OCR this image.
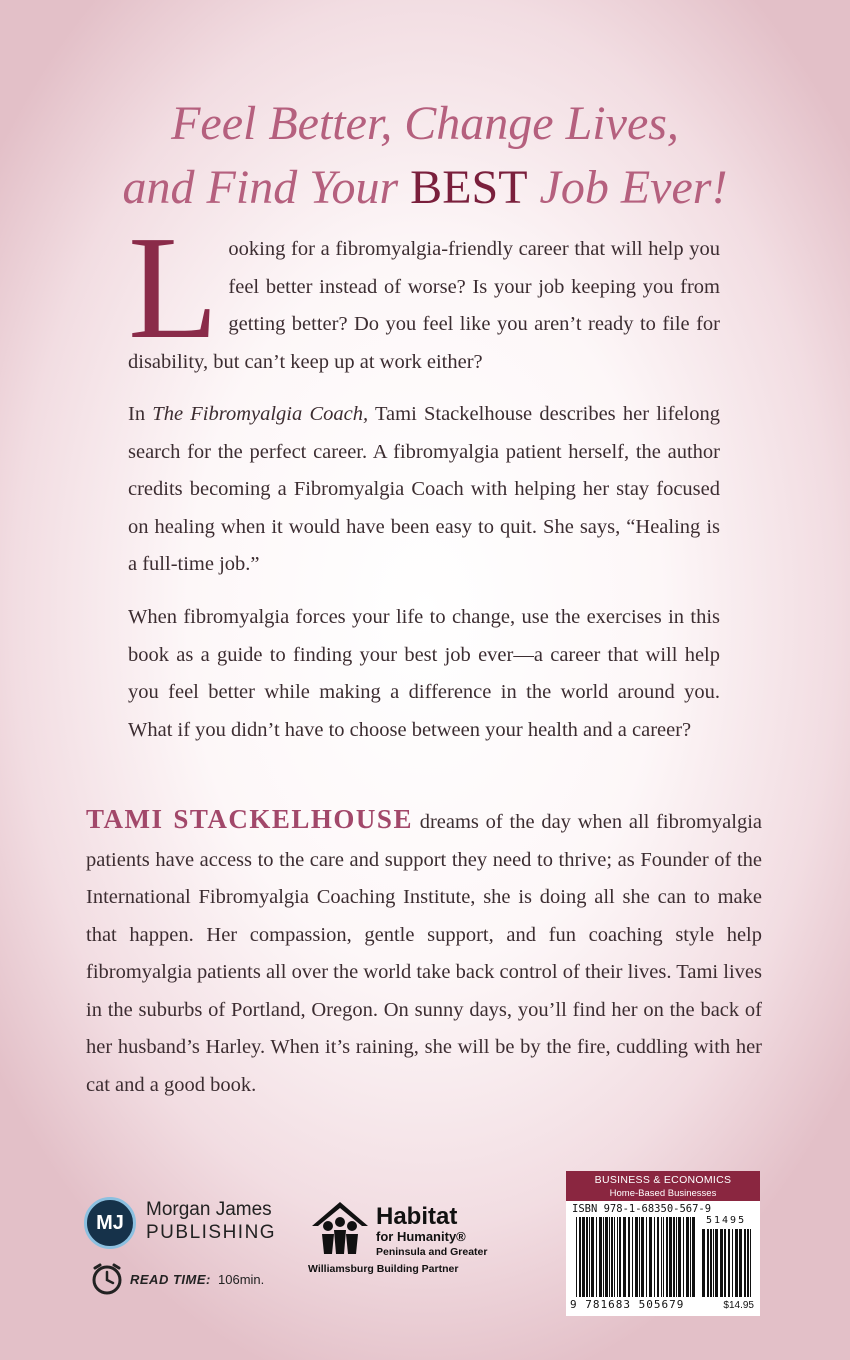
Feel Better, Change Lives,
and Find Your BEST Job Ever!
Looking for a fibromyalgia-friendly career that will help you feel better instead of worse? Is your job keeping you from getting better? Do you feel like you aren’t ready to file for disability, but can’t keep up at work either?
In The Fibromyalgia Coach, Tami Stackelhouse describes her lifelong search for the perfect career. A fibromyalgia patient herself, the author credits becoming a Fibromyalgia Coach with helping her stay focused on healing when it would have been easy to quit. She says, “Healing is a full-time job.”
When fibromyalgia forces your life to change, use the exercises in this book as a guide to finding your best job ever—a career that will help you feel better while making a difference in the world around you. What if you didn’t have to choose between your health and a career?
TAMI STACKELHOUSE dreams of the day when all fibromyalgia patients have access to the care and support they need to thrive; as Founder of the International Fibromyalgia Coaching Institute, she is doing all she can to make that happen. Her compassion, gentle support, and fun coaching style help fibromyalgia patients all over the world take back control of their lives. Tami lives in the suburbs of Portland, Oregon. On sunny days, you’ll find her on the back of her husband’s Harley. When it’s raining, she will be by the fire, cuddling with her cat and a good book.
MJ
Morgan James
PUBLISHING
READ TIME: 106min.
Habitat
for Humanity®
Peninsula and Greater
Williamsburg Building Partner
BUSINESS & ECONOMICS
Home-Based Businesses
ISBN 978-1-68350-567-9
51495
9 781683 505679	$14.95
